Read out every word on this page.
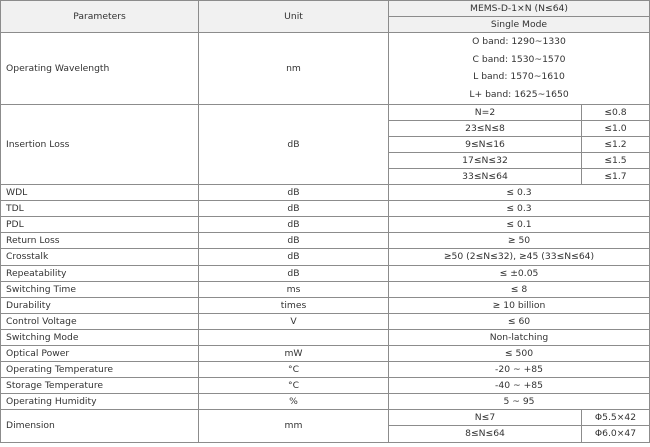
Parameters	Unit	MEMS-D-1×N (N≤64)	
		Single Mode	
Operating Wavelength	nm	O band: 1290~1330
C band: 1530~1570
L band: 1570~1610
L+ band: 1625~1650	

Insertion Loss	dB	N=2	≤0.8
		23≤N≤8	≤1.0
		9≤N≤16	≤1.2
		17≤N≤32	≤1.5
		33≤N≤64	≤1.7
WDL	dB	≤ 0.3	
TDL	dB	≤ 0.3	
PDL	dB	≤ 0.1	
Return Loss	dB	≥ 50	
Crosstalk	dB	≥50 (2≤N≤32), ≥45 (33≤N≤64)	
Repeatability	dB	≤ ±0.05	
Switching Time	ms	≤ 8	
Durability	times	≥ 10 billion	
Control Voltage	V	≤ 60	
Switching Mode		Non-latching	
Optical Power	mW	≤ 500	
Operating Temperature	°C	-20 ~ +85	
Storage Temperature	°C	-40 ~ +85	
Operating Humidity	%	5 ~ 95	
Dimension	mm	N≤7	Φ5.5×42
		8≤N≤64	Φ6.0×47
